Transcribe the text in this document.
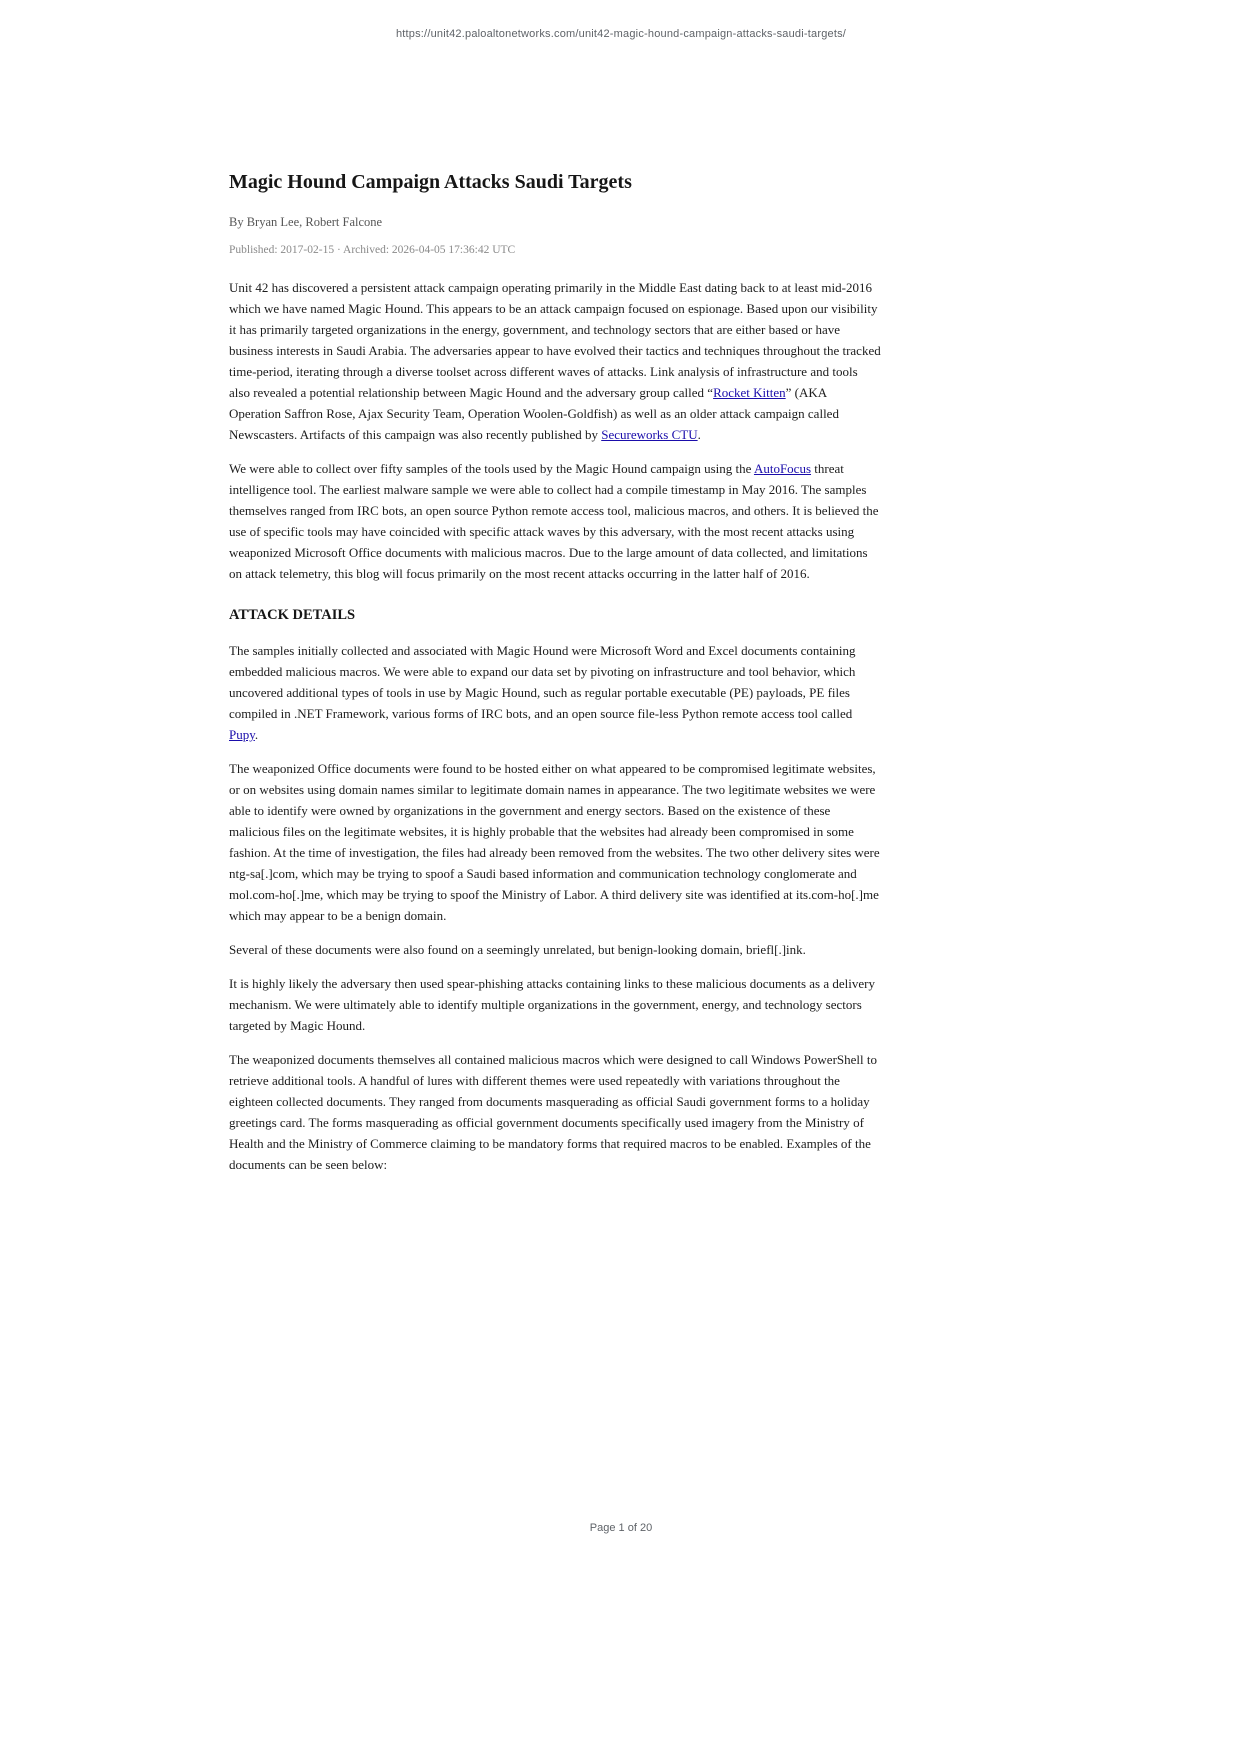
https://unit42.paloaltonetworks.com/unit42-magic-hound-campaign-attacks-saudi-targets/
Magic Hound Campaign Attacks Saudi Targets
By Bryan Lee, Robert Falcone
Published: 2017-02-15 · Archived: 2026-04-05 17:36:42 UTC

Unit 42 has discovered a persistent attack campaign operating primarily in the Middle East dating back to at least mid-2016 which we have named Magic Hound. This appears to be an attack campaign focused on espionage. Based upon our visibility it has primarily targeted organizations in the energy, government, and technology sectors that are either based or have business interests in Saudi Arabia. The adversaries appear to have evolved their tactics and techniques throughout the tracked time-period, iterating through a diverse toolset across different waves of attacks. Link analysis of infrastructure and tools also revealed a potential relationship between Magic Hound and the adversary group called “Rocket Kitten” (AKA Operation Saffron Rose, Ajax Security Team, Operation Woolen-Goldfish) as well as an older attack campaign called Newscasters. Artifacts of this campaign was also recently published by Secureworks CTU.

We were able to collect over fifty samples of the tools used by the Magic Hound campaign using the AutoFocus threat intelligence tool. The earliest malware sample we were able to collect had a compile timestamp in May 2016. The samples themselves ranged from IRC bots, an open source Python remote access tool, malicious macros, and others. It is believed the use of specific tools may have coincided with specific attack waves by this adversary, with the most recent attacks using weaponized Microsoft Office documents with malicious macros. Due to the large amount of data collected, and limitations on attack telemetry, this blog will focus primarily on the most recent attacks occurring in the latter half of 2016.

ATTACK DETAILS

The samples initially collected and associated with Magic Hound were Microsoft Word and Excel documents containing embedded malicious macros. We were able to expand our data set by pivoting on infrastructure and tool behavior, which uncovered additional types of tools in use by Magic Hound, such as regular portable executable (PE) payloads, PE files compiled in .NET Framework, various forms of IRC bots, and an open source file-less Python remote access tool called Pupy.

The weaponized Office documents were found to be hosted either on what appeared to be compromised legitimate websites, or on websites using domain names similar to legitimate domain names in appearance. The two legitimate websites we were able to identify were owned by organizations in the government and energy sectors. Based on the existence of these malicious files on the legitimate websites, it is highly probable that the websites had already been compromised in some fashion. At the time of investigation, the files had already been removed from the websites. The two other delivery sites were ntg-sa[.]com, which may be trying to spoof a Saudi based information and communication technology conglomerate and mol.com-ho[.]me, which may be trying to spoof the Ministry of Labor. A third delivery site was identified at its.com-ho[.]me which may appear to be a benign domain.

Several of these documents were also found on a seemingly unrelated, but benign-looking domain, briefl[.]ink.

It is highly likely the adversary then used spear-phishing attacks containing links to these malicious documents as a delivery mechanism. We were ultimately able to identify multiple organizations in the government, energy, and technology sectors targeted by Magic Hound.

The weaponized documents themselves all contained malicious macros which were designed to call Windows PowerShell to retrieve additional tools. A handful of lures with different themes were used repeatedly with variations throughout the eighteen collected documents. They ranged from documents masquerading as official Saudi government forms to a holiday greetings card. The forms masquerading as official government documents specifically used imagery from the Ministry of Health and the Ministry of Commerce claiming to be mandatory forms that required macros to be enabled. Examples of the documents can be seen below:

Page 1 of 20
